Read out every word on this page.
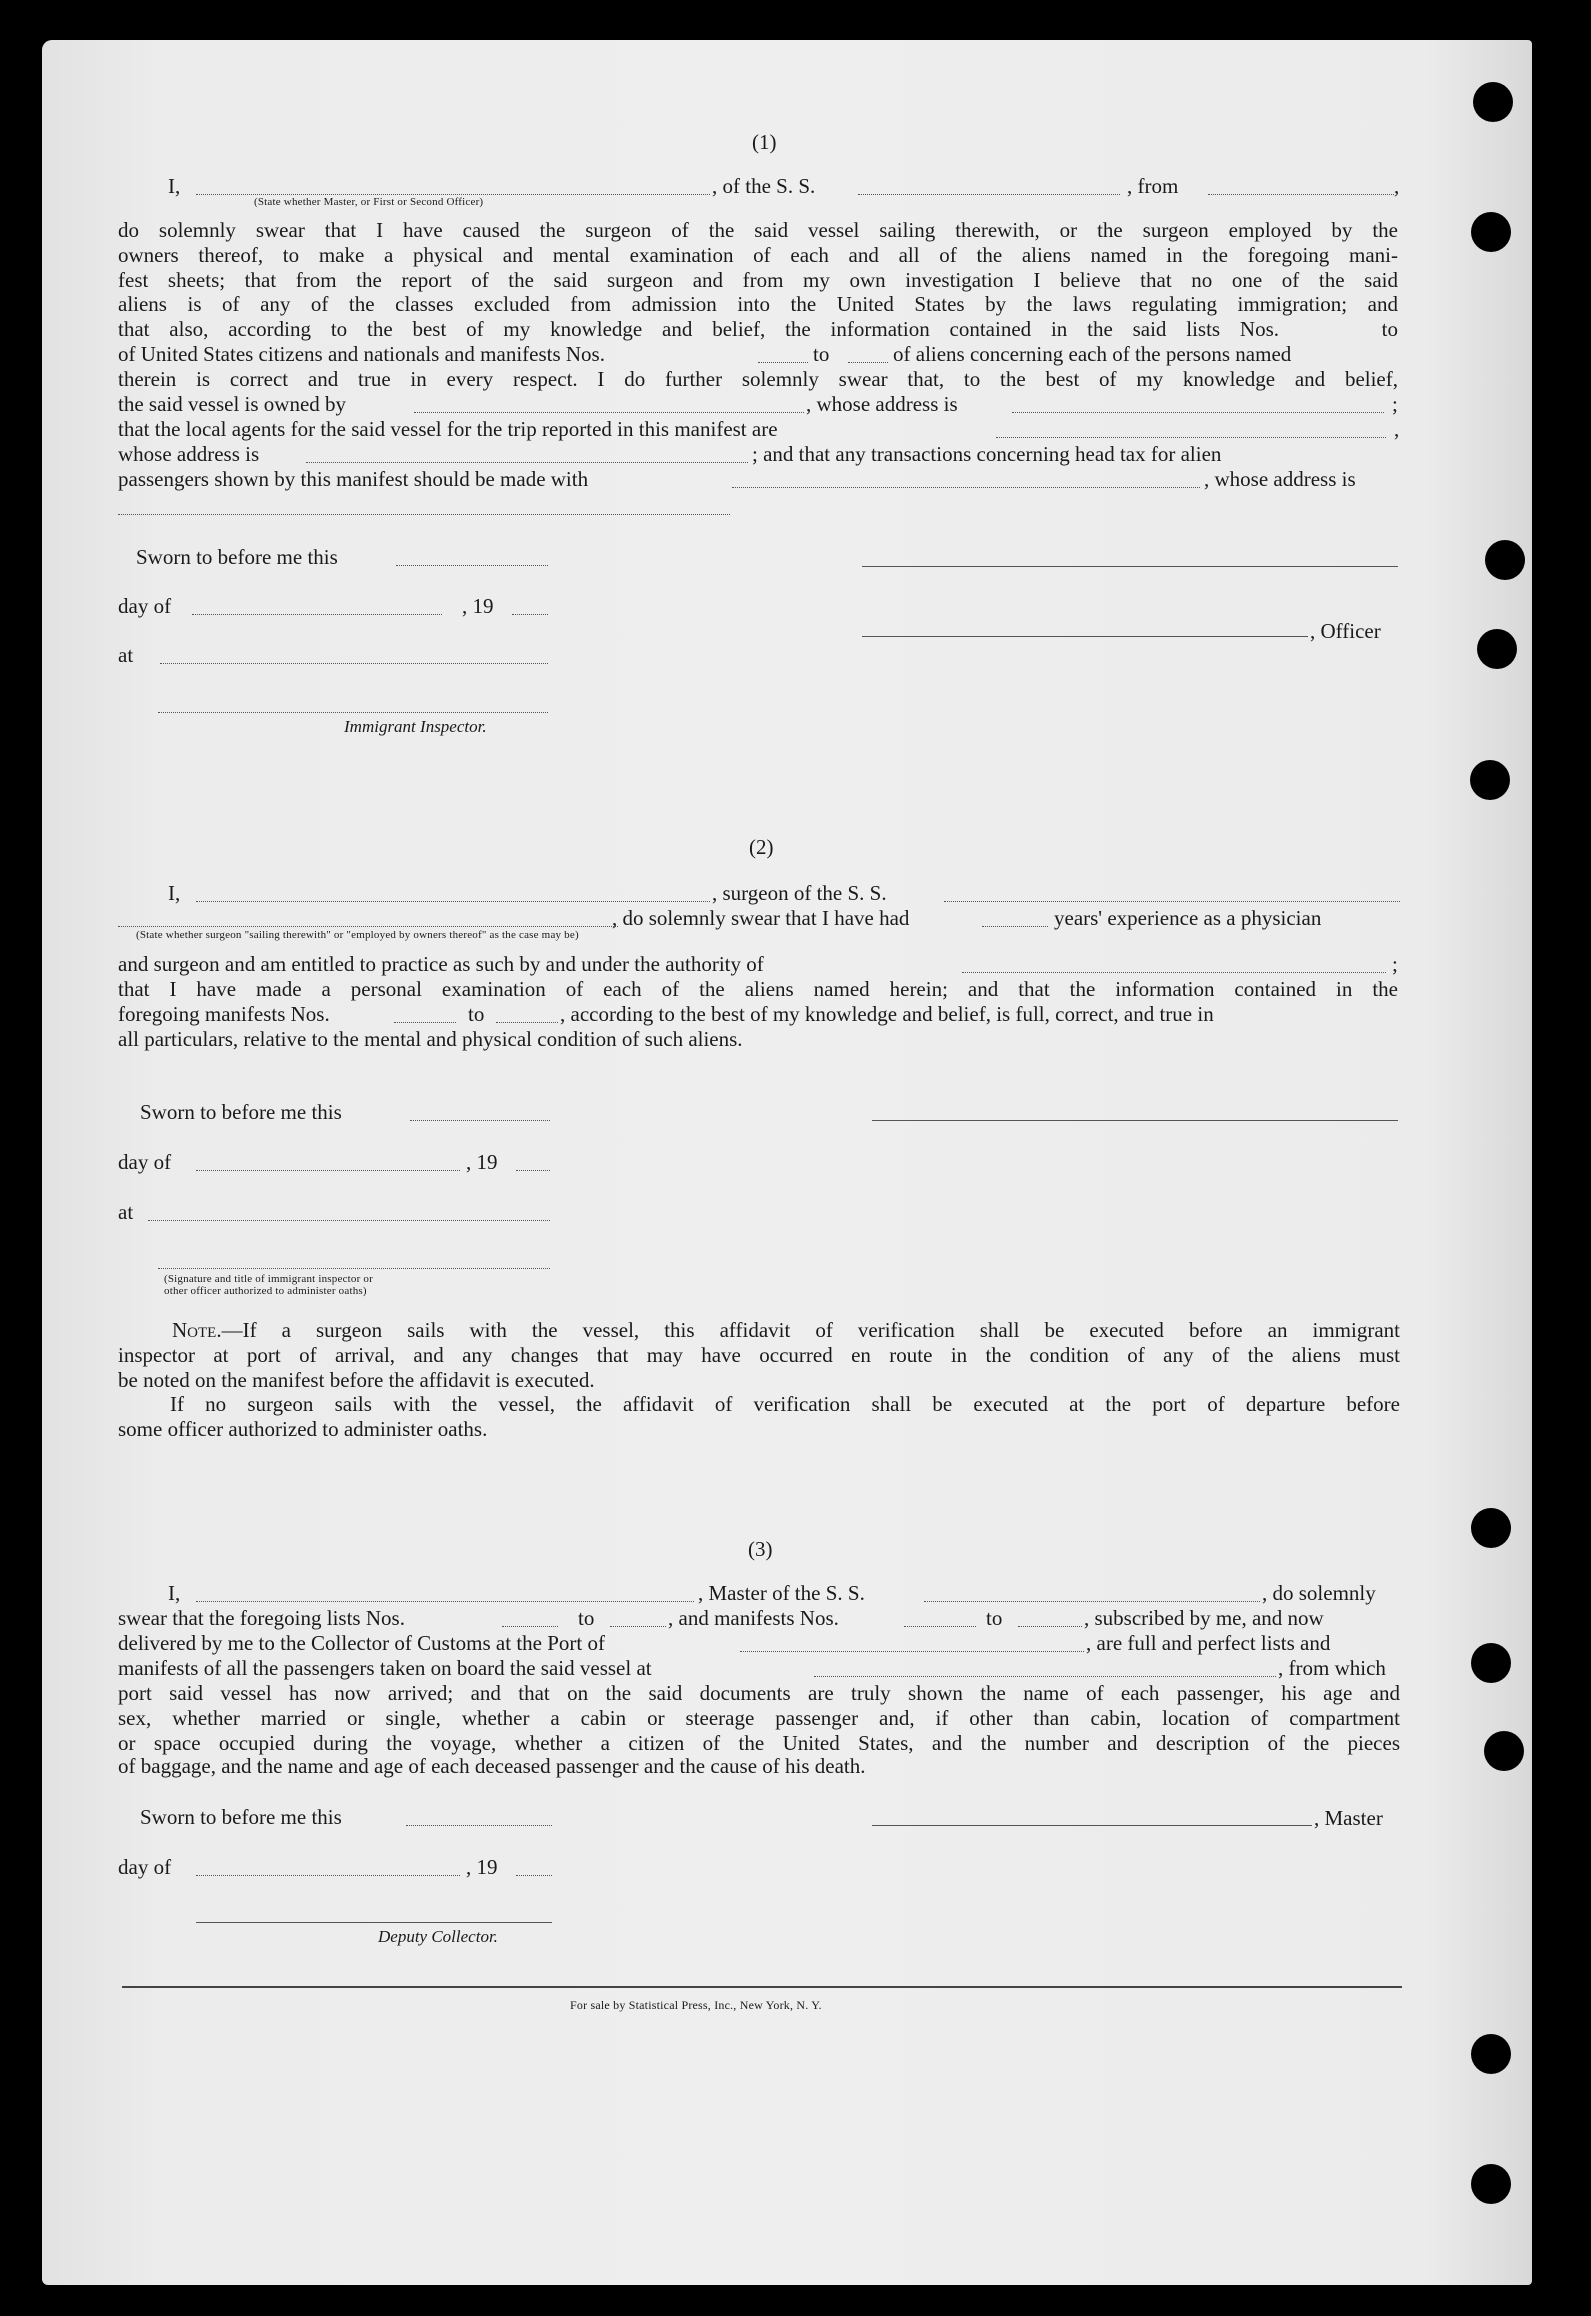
(1)
I,	, of the S. S.	, from	,
(State whether Master, or First or Second Officer)
do solemnly swear that I have caused the surgeon of the said vessel sailing therewith, or the surgeon employed by the
owners thereof, to make a physical and mental examination of each and all of the aliens named in the foregoing mani-
fest sheets; that from the report of the said surgeon and from my own investigation I believe that no one of the said
aliens is of any of the classes excluded from admission into the United States by the laws regulating immigration; and
that also, according to the best of my knowledge and belief, the information contained in the said lists Nos.     to
of United States citizens and nationals and manifests Nos.	to	of aliens concerning each of the persons named
therein is correct and true in every respect. I do further solemnly swear that, to the best of my knowledge and belief,
the said vessel is owned by	, whose address is	;
that the local agents for the said vessel for the trip reported in this manifest are	,
whose address is	; and that any transactions concerning head tax for alien
passengers shown by this manifest should be made with	, whose address is
Sworn to before me this
day of	, 19
, Officer
at
Immigrant Inspector.
(2)
I,	, surgeon of the S. S.
, do solemnly swear that I have had	years' experience as a physician
(State whether surgeon "sailing therewith" or "employed by owners thereof" as the case may be)
and surgeon and am entitled to practice as such by and under the authority of	;
that I have made a personal examination of each of the aliens named herein; and that the information contained in the
foregoing manifests Nos.	to	, according to the best of my knowledge and belief, is full, correct, and true in
all particulars, relative to the mental and physical condition of such aliens.
Sworn to before me this
day of	, 19
at
(Signature and title of immigrant inspector or
other officer authorized to administer oaths)
Note.—If a surgeon sails with the vessel, this affidavit of verification shall be executed before an immigrant
inspector at port of arrival, and any changes that may have occurred en route in the condition of any of the aliens must
be noted on the manifest before the affidavit is executed.
If no surgeon sails with the vessel, the affidavit of verification shall be executed at the port of departure before
some officer authorized to administer oaths.
(3)
I,	, Master of the S. S.	, do solemnly
swear that the foregoing lists Nos.	to	, and manifests Nos.	to	, subscribed by me, and now
delivered by me to the Collector of Customs at the Port of	, are full and perfect lists and
manifests of all the passengers taken on board the said vessel at	, from which
port said vessel has now arrived; and that on the said documents are truly shown the name of each passenger, his age and
sex, whether married or single, whether a cabin or steerage passenger and, if other than cabin, location of compartment
or space occupied during the voyage, whether a citizen of the United States, and the number and description of the pieces
of baggage, and the name and age of each deceased passenger and the cause of his death.
Sworn to before me this	, Master
day of	, 19
Deputy Collector.
For sale by Statistical Press, Inc., New York, N. Y.
